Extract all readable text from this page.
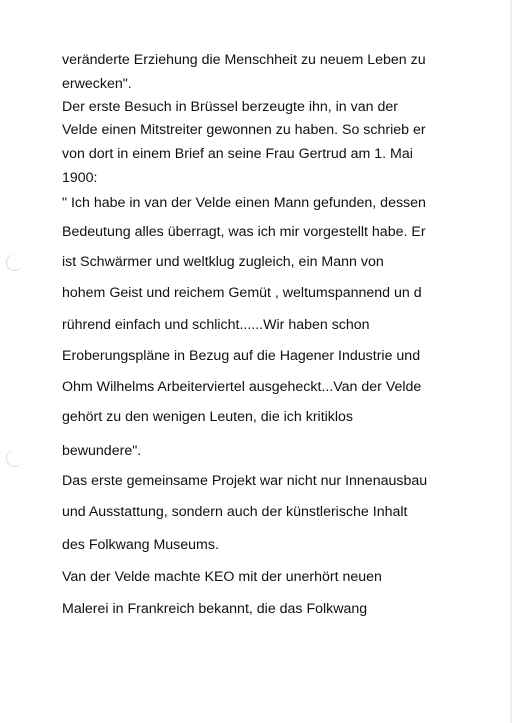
veränderte Erziehung die Menschheit zu neuem Leben zu
erwecken".
Der erste Besuch in Brüssel berzeugte ihn, in van der
Velde einen Mitstreiter gewonnen zu haben. So schrieb er
von dort in einem Brief an seine Frau Gertrud am 1. Mai
1900:
" Ich habe in van der Velde einen Mann gefunden, dessen
Bedeutung alles überragt, was ich mir vorgestellt habe. Er
ist Schwärmer und weltklug zugleich, ein Mann von
hohem Geist und reichem Gemüt , weltumspannend un d
rührend einfach und schlicht......Wir haben schon
Eroberungspläne in Bezug auf die Hagener Industrie und
Ohm Wilhelms Arbeiterviertel ausgeheckt...Van der Velde
gehört zu den wenigen Leuten, die ich kritiklos
bewundere".
Das erste gemeinsame Projekt war nicht nur Innenausbau
und Ausstattung, sondern auch der künstlerische Inhalt
des Folkwang Museums.
Van der Velde machte KEO mit der unerhört neuen
Malerei in Frankreich bekannt, die das Folkwang
